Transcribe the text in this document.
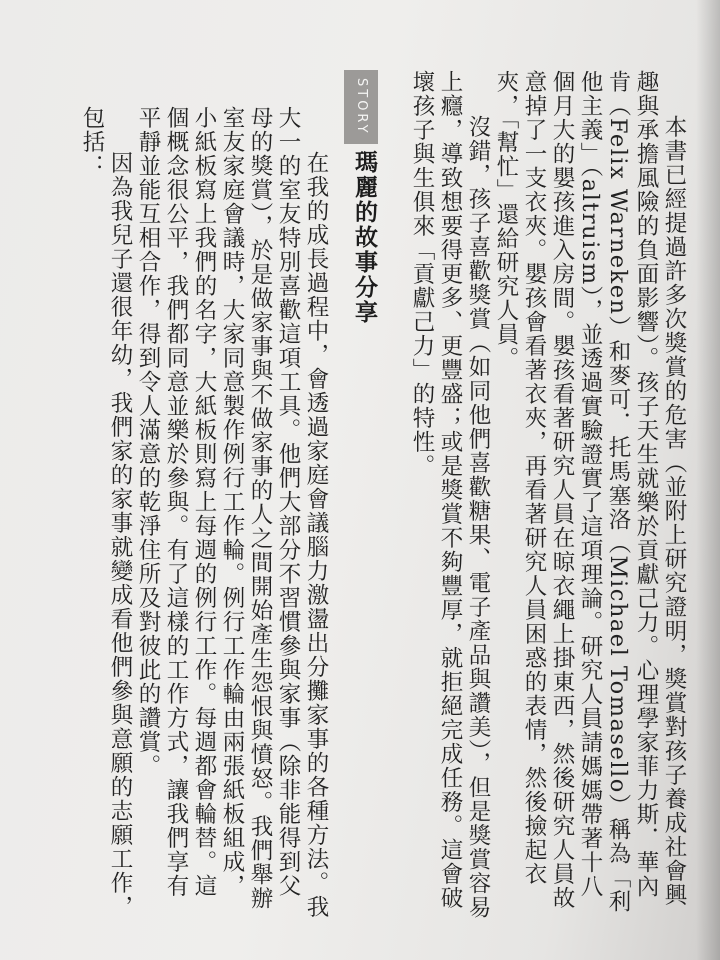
本書已經提過許多次獎賞的危害（並附上研究證明，獎賞對孩子養成社會興趣與承擔風險的負面影響）。孩子天生就樂於貢獻己力。心理學家菲力斯．華內肯（Felix Warneken）和麥可．托馬塞洛（Michael Tomasello）稱為「利他主義」（altruism），並透過實驗證實了這項理論。研究人員請媽媽帶著十八個月大的嬰孩進入房間。嬰孩看著研究人員在晾衣繩上掛東西，然後研究人員故意掉了一支衣夾。嬰孩會看著衣夾，再看著研究人員困惑的表情，然後撿起衣夾，「幫忙」還給研究人員。

沒錯，孩子喜歡獎賞（如同他們喜歡糖果、電子產品與讚美），但是獎賞容易上癮，導致想要得更多、更豐盛；或是獎賞不夠豐厚，就拒絕完成任務。這會破壞孩子與生俱來「貢獻己力」的特性。

STORY
瑪麗的故事分享

在我的成長過程中，會透過家庭會議腦力激盪出分攤家事的各種方法。我大一的室友特別喜歡這項工具。他們大部分不習慣參與家事（除非能得到父母的獎賞），於是做家事與不做家事的人之間開始產生怨恨與憤怒。我們舉辦室友家庭會議時，大家同意製作例行工作輪。例行工作輪由兩張紙板組成，小紙板寫上我們的名字，大紙板則寫上每週的例行工作。每週都會輪替。這個概念很公平，我們都同意並樂於參與。有了這樣的工作方式，讓我們享有平靜並能互相合作，得到令人滿意的乾淨住所及對彼此的讚賞。

因為我兒子還很年幼，我們家的家事就變成看他們參與意願的志願工作，包括：
